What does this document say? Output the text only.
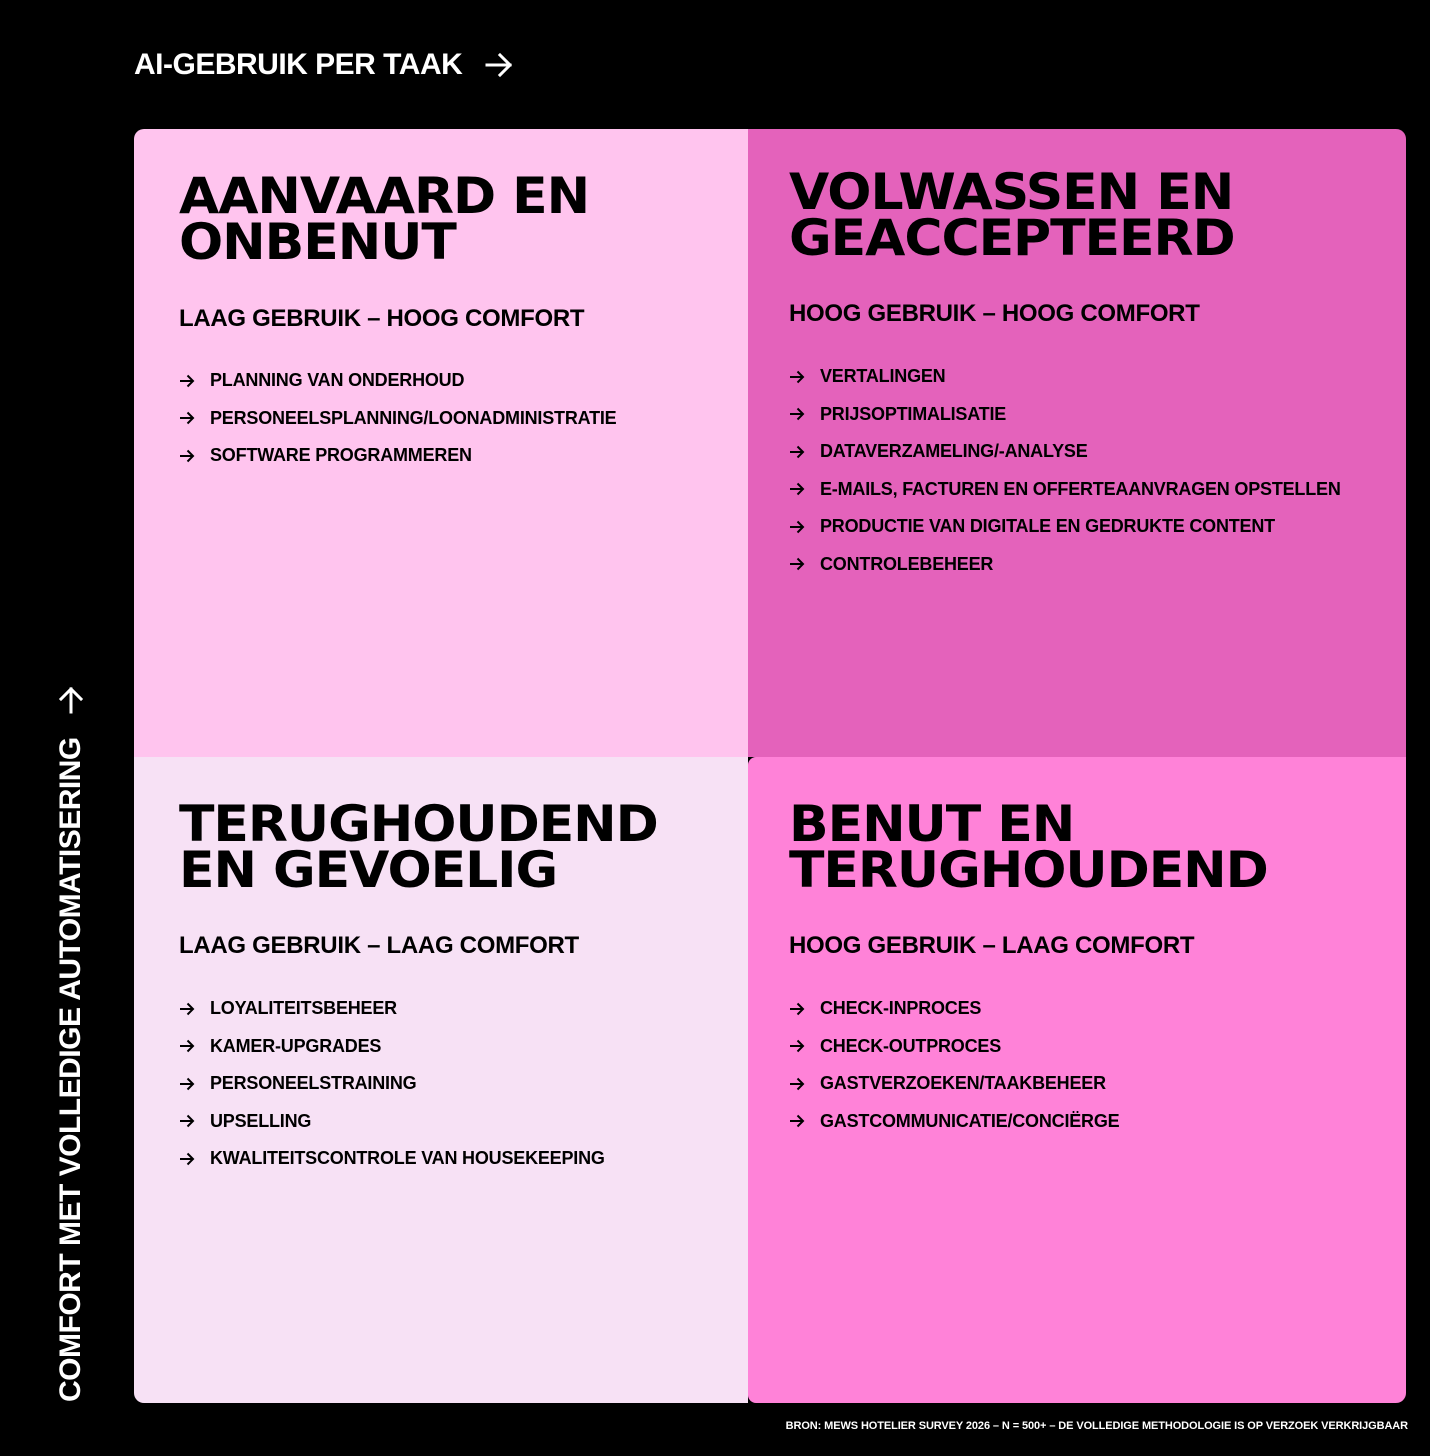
AI-GEBRUIK PER TAAK
COMFORT MET VOLLEDIGE AUTOMATISERING
AANVAARD EN
ONBENUT
LAAG GEBRUIK – HOOG COMFORT
PLANNING VAN ONDERHOUD
PERSONEELSPLANNING/LOONADMINISTRATIE
SOFTWARE PROGRAMMEREN
VOLWASSEN EN
GEACCEPTEERD
HOOG GEBRUIK – HOOG COMFORT
VERTALINGEN
PRIJSOPTIMALISATIE
DATAVERZAMELING/-ANALYSE
E-MAILS, FACTUREN EN OFFERTEAANVRAGEN OPSTELLEN
PRODUCTIE VAN DIGITALE EN GEDRUKTE CONTENT
CONTROLEBEHEER
TERUGHOUDEND
EN GEVOELIG
LAAG GEBRUIK – LAAG COMFORT
LOYALITEITSBEHEER
KAMER-UPGRADES
PERSONEELSTRAINING
UPSELLING
KWALITEITSCONTROLE VAN HOUSEKEEPING
BENUT EN
TERUGHOUDEND
HOOG GEBRUIK – LAAG COMFORT
CHECK-INPROCES
CHECK-OUTPROCES
GASTVERZOEKEN/TAAKBEHEER
GASTCOMMUNICATIE/CONCIËRGE
BRON: MEWS HOTELIER SURVEY 2026 – N = 500+ – DE VOLLEDIGE METHODOLOGIE IS OP VERZOEK VERKRIJGBAAR
